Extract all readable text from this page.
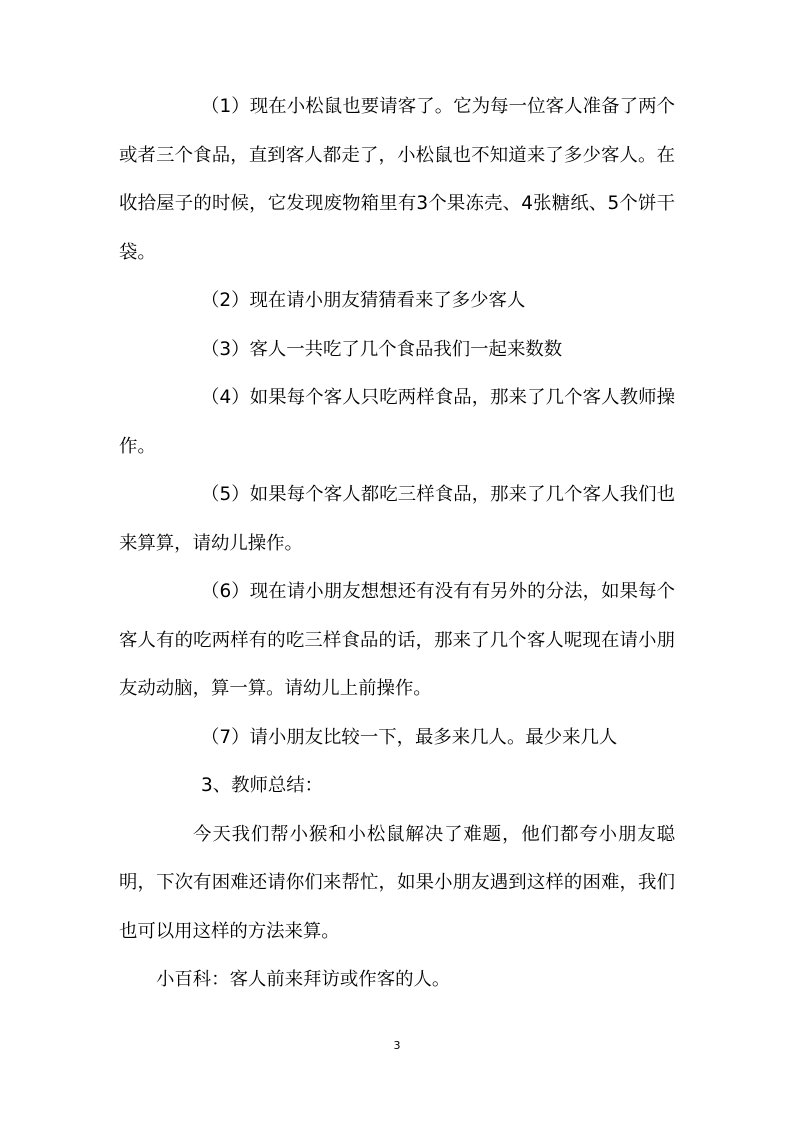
（1）现在小松鼠也要请客了。它为每一位客人准备了两个或者三个食品，直到客人都走了，小松鼠也不知道来了多少客人。在收拾屋子的时候，它发现废物箱里有3个果冻壳、4张糖纸、5个饼干袋。

（2）现在请小朋友猜猜看来了多少客人

（3）客人一共吃了几个食品我们一起来数数

（4）如果每个客人只吃两样食品，那来了几个客人教师操作。

（5）如果每个客人都吃三样食品，那来了几个客人我们也来算算，请幼儿操作。

（6）现在请小朋友想想还有没有有另外的分法，如果每个客人有的吃两样有的吃三样食品的话，那来了几个客人呢现在请小朋友动动脑，算一算。请幼儿上前操作。

（7）请小朋友比较一下，最多来几人。最少来几人

3、教师总结：

今天我们帮小猴和小松鼠解决了难题，他们都夸小朋友聪明，下次有困难还请你们来帮忙，如果小朋友遇到这样的困难，我们也可以用这样的方法来算。

小百科：客人前来拜访或作客的人。

3
